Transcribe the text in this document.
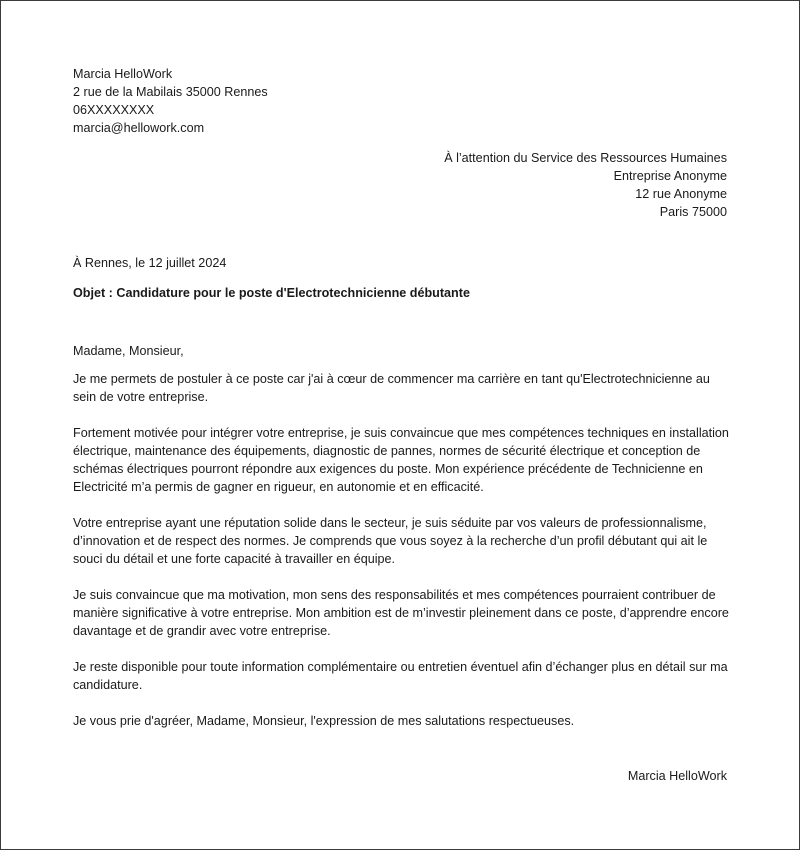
Marcia HelloWork
2 rue de la Mabilais 35000 Rennes
06XXXXXXXX
marcia@hellowork.com
À l’attention du Service des Ressources Humaines
Entreprise Anonyme
12 rue Anonyme
Paris 75000
À Rennes, le 12 juillet 2024
Objet : Candidature pour le poste d'Electrotechnicienne débutante

Madame, Monsieur,

Je me permets de postuler à ce poste car j'ai à cœur de commencer ma carrière en tant qu'Electrotechnicienne au sein de votre entreprise.

Fortement motivée pour intégrer votre entreprise, je suis convaincue que mes compétences techniques en installation électrique, maintenance des équipements, diagnostic de pannes, normes de sécurité électrique et conception de schémas électriques pourront répondre aux exigences du poste. Mon expérience précédente de Technicienne en Electricité m’a permis de gagner en rigueur, en autonomie et en efficacité.

Votre entreprise ayant une réputation solide dans le secteur, je suis séduite par vos valeurs de professionnalisme, d’innovation et de respect des normes. Je comprends que vous soyez à la recherche d’un profil débutant qui ait le souci du détail et une forte capacité à travailler en équipe.

Je suis convaincue que ma motivation, mon sens des responsabilités et mes compétences pourraient contribuer de manière significative à votre entreprise. Mon ambition est de m’investir pleinement dans ce poste, d’apprendre encore davantage et de grandir avec votre entreprise.

Je reste disponible pour toute information complémentaire ou entretien éventuel afin d’échanger plus en détail sur ma candidature.

Je vous prie d'agréer, Madame, Monsieur, l'expression de mes salutations respectueuses.

Marcia HelloWork
